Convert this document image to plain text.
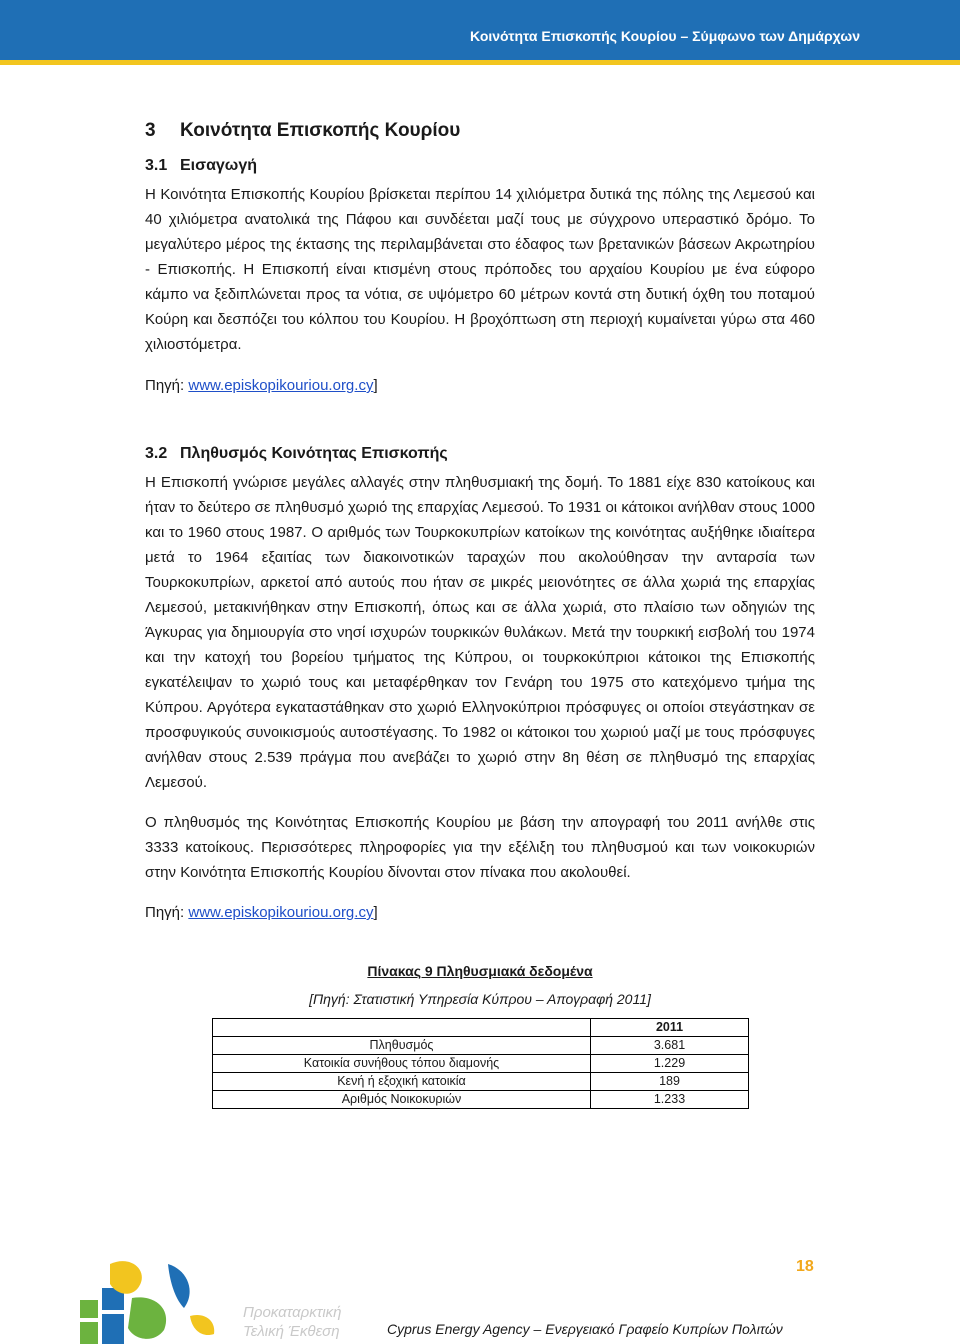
Κοινότητα Επισκοπής Κουρίου – Σύμφωνο των Δημάρχων
3 Κοινότητα Επισκοπής Κουρίου
3.1 Εισαγωγή

Η Κοινότητα Επισκοπής Κουρίου βρίσκεται περίπου 14 χιλιόμετρα δυτικά της πόλης της Λεμεσού και 40 χιλιόμετρα ανατολικά της Πάφου και συνδέεται μαζί τους με σύγχρονο υπεραστικό δρόμο. Το μεγαλύτερο μέρος της έκτασης της περιλαμβάνεται στο έδαφος των βρετανικών βάσεων Ακρωτηρίου - Επισκοπής. Η Επισκοπή είναι κτισμένη στους πρόποδες του αρχαίου Κουρίου με ένα εύφορο κάμπο να ξεδιπλώνεται προς τα νότια, σε υψόμετρο 60 μέτρων κοντά στη δυτική όχθη του ποταμού Κούρη και δεσπόζει του κόλπου του Κουρίου. Η βροχόπτωση στη περιοχή κυμαίνεται γύρω στα 460 χιλιοστόμετρα.

Πηγή: www.episkopikouriou.org.cy]

3.2 Πληθυσμός Κοινότητας Επισκοπής

Η Επισκοπή γνώρισε μεγάλες αλλαγές στην πληθυσμιακή της δομή. Το 1881 είχε 830 κατοίκους και ήταν το δεύτερο σε πληθυσμό χωριό της επαρχίας Λεμεσού. Το 1931 οι κάτοικοι ανήλθαν στους 1000 και το 1960 στους 1987. Ο αριθμός των Τουρκοκυπρίων κατοίκων της κοινότητας αυξήθηκε ιδιαίτερα μετά το 1964 εξαιτίας των διακοινοτικών ταραχών που ακολούθησαν την ανταρσία των Τουρκοκυπρίων, αρκετοί από αυτούς που ήταν σε μικρές μειονότητες σε άλλα χωριά της επαρχίας Λεμεσού, μετακινήθηκαν στην Επισκοπή, όπως και σε άλλα χωριά, στο πλαίσιο των οδηγιών της Άγκυρας για δημιουργία στο νησί ισχυρών τουρκικών θυλάκων. Μετά την τουρκική εισβολή του 1974 και την κατοχή του βορείου τμήματος της Κύπρου, οι τουρκοκύπριοι κάτοικοι της Επισκοπής εγκατέλειψαν το χωριό τους και μεταφέρθηκαν τον Γενάρη του 1975 στο κατεχόμενο τμήμα της Κύπρου. Αργότερα εγκαταστάθηκαν στο χωριό Ελληνοκύπριοι πρόσφυγες οι οποίοι στεγάστηκαν σε προσφυγικούς συνοικισμούς αυτοστέγασης. Το 1982 οι κάτοικοι του χωριού μαζί με τους πρόσφυγες ανήλθαν στους 2.539 πράγμα που ανεβάζει το χωριό στην 8η θέση σε πληθυσμό της επαρχίας Λεμεσού.

Ο πληθυσμός της Κοινότητας Επισκοπής Κουρίου με βάση την απογραφή του 2011 ανήλθε στις 3333 κατοίκους. Περισσότερες πληροφορίες για την εξέλιξη του πληθυσμού και των νοικοκυριών στην Κοινότητα Επισκοπής Κουρίου δίνονται στον πίνακα που ακολουθεί.

Πηγή: www.episkopikouriou.org.cy]

Πίνακας 9 Πληθυσμιακά δεδομένα
[Πηγή: Στατιστική Υπηρεσία Κύπρου – Απογραφή 2011]
	2011
Πληθυσμός	3.681
Κατοικία συνήθους τόπου διαμονής	1.229
Κενή ή εξοχική κατοικία	189
Αριθμός Νοικοκυριών	1.233
18
Προκαταρκτική
Τελική Έκθεση	Cyprus Energy Agency – Ενεργειακό Γραφείο Κυπρίων Πολιτών
